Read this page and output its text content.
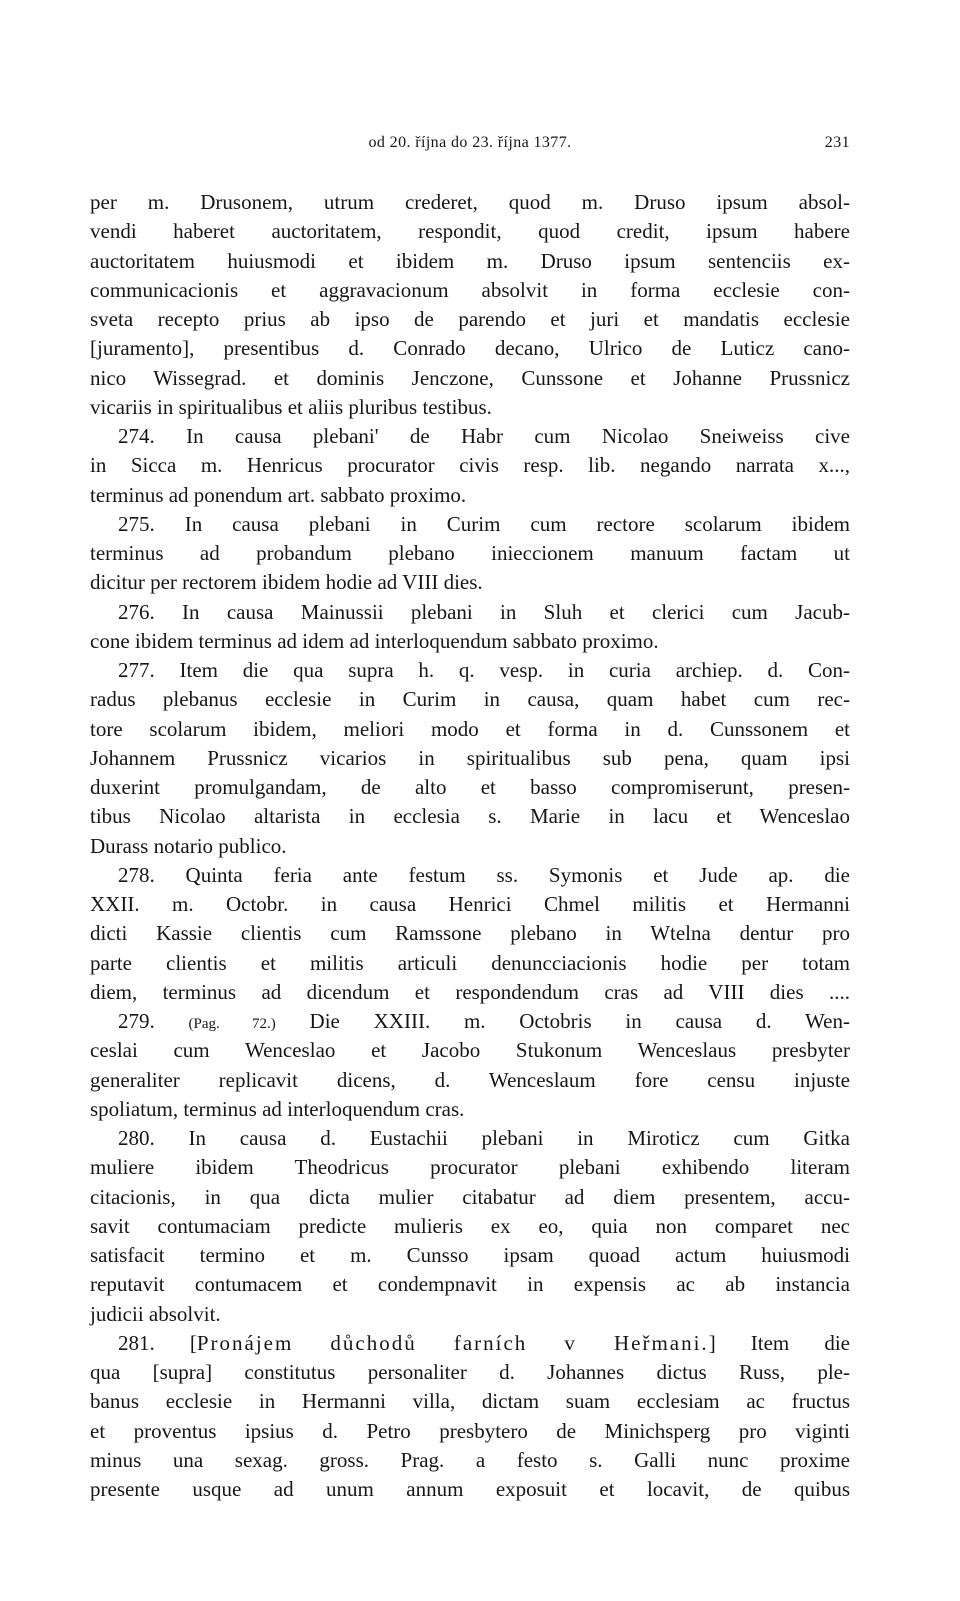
od 20. října do 23. října 1377.	231
per m. Drusonem, utrum crederet, quod m. Druso ipsum absol-
vendi haberet auctoritatem, respondit, quod credit, ipsum habere
auctoritatem huiusmodi et ibidem m. Druso ipsum sentenciis ex-
communicacionis et aggravacionum absolvit in forma ecclesie con-
sveta recepto prius ab ipso de parendo et juri et mandatis ecclesie
[juramento], presentibus d. Conrado decano, Ulrico de Luticz cano-
nico Wissegrad. et dominis Jenczone, Cunssone et Johanne Prussnicz
vicariis in spiritualibus et aliis pluribus testibus.
274. In causa plebani' de Habr cum Nicolao Sneiweiss cive
in Sicca m. Henricus procurator civis resp. lib. negando narrata x...,
terminus ad ponendum art. sabbato proximo.
275. In causa plebani in Curim cum rectore scolarum ibidem
terminus ad probandum plebano inieccionem manuum factam ut
dicitur per rectorem ibidem hodie ad VIII dies.
276. In causa Mainussii plebani in Sluh et clerici cum Jacub-
cone ibidem terminus ad idem ad interloquendum sabbato proximo.
277. Item die qua supra h. q. vesp. in curia archiep. d. Con-
radus plebanus ecclesie in Curim in causa, quam habet cum rec-
tore scolarum ibidem, meliori modo et forma in d. Cunssonem et
Johannem Prussnicz vicarios in spiritualibus sub pena, quam ipsi
duxerint promulgandam, de alto et basso compromiserunt, presen-
tibus Nicolao altarista in ecclesia s. Marie in lacu et Wenceslao
Durass notario publico.
278. Quinta feria ante festum ss. Symonis et Jude ap. die
XXII. m. Octobr. in causa Henrici Chmel militis et Hermanni
dicti Kassie clientis cum Ramssone plebano in Wtelna dentur pro
parte clientis et militis articuli denuncciacionis hodie per totam
diem, terminus ad dicendum et respondendum cras ad VIII dies ....
279. (Pag. 72.) Die XXIII. m. Octobris in causa d. Wen-
ceslai cum Wenceslao et Jacobo Stukonum Wenceslaus presbyter
generaliter replicavit dicens, d. Wenceslaum fore censu injuste
spoliatum, terminus ad interloquendum cras.
280. In causa d. Eustachii plebani in Miroticz cum Gitka
muliere ibidem Theodricus procurator plebani exhibendo literam
citacionis, in qua dicta mulier citabatur ad diem presentem, accu-
savit contumaciam predicte mulieris ex eo, quia non comparet nec
satisfacit termino et m. Cunsso ipsam quoad actum huiusmodi
reputavit contumacem et condempnavit in expensis ac ab instancia
judicii absolvit.
281. [Pronájem důchodů farních v Heřmani.] Item die
qua [supra] constitutus personaliter d. Johannes dictus Russ, ple-
banus ecclesie in Hermanni villa, dictam suam ecclesiam ac fructus
et proventus ipsius d. Petro presbytero de Minichsperg pro viginti
minus una sexag. gross. Prag. a festo s. Galli nunc proxime
presente usque ad unum annum exposuit et locavit, de quibus
